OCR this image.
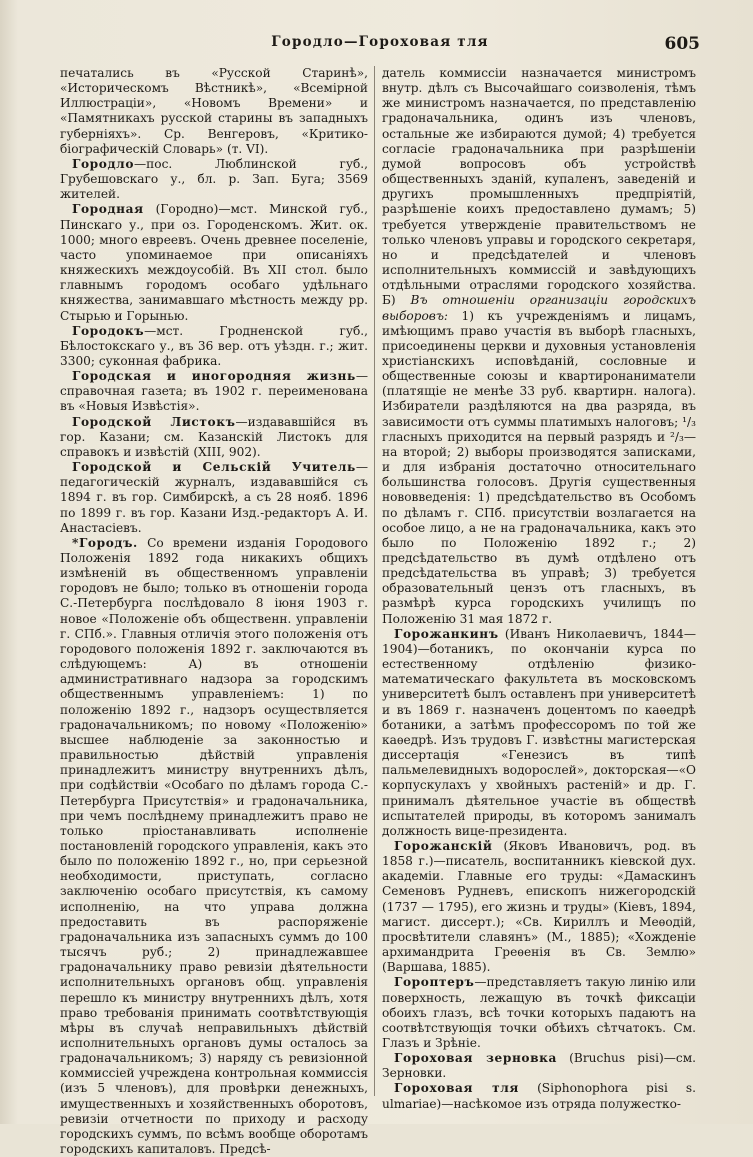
Городло—Гороховая тля	605

печатались въ «Русской Старинѣ», «Историческомъ Вѣстникѣ», «Всемірной Иллюстраціи», «Новомъ Времени» и «Памятникахъ русской старины въ западныхъ губерніяхъ». Ср. Венгеровъ, «Критико-біографическій Словарь» (т. VI).

Городло—пос. Люблинской губ., Грубешовскаго у., бл. р. Зап. Буга; 3569 жителей.

Городная (Городно)—мст. Минской губ., Пинскаго у., при оз. Городенскомъ. Жит. ок. 1000; много евреевъ. Очень древнее поселеніе, часто упоминаемое при описаніяхъ княжескихъ междоусобій. Въ XII стол. было главнымъ городомъ особаго удѣльнаго княжества, занимавшаго мѣстность между рр. Стырью и Горынью.

Городокъ—мст. Гродненской губ., Бѣлостокскаго у., въ 36 вер. отъ уѣздн. г.; жит. 3300; суконная фабрика.

Городская и иногородняя жизнь—справочная газета; въ 1902 г. переименована въ «Новыя Извѣстія».

Городской Листокъ—издававшійся въ гор. Казани; см. Казанскій Листокъ для справокъ и извѣстій (XIII, 902).

Городской и Сельскій Учитель—педагогическій журналъ, издававшійся съ 1894 г. въ гор. Симбирскѣ, а съ 28 нояб. 1896 по 1899 г. въ гор. Казани Изд.-редакторъ А. И. Анастасіевъ.

*Городъ. Со времени изданія Городового Положенія 1892 года никакихъ общихъ измѣненій въ общественномъ управленіи городовъ не было; только въ отношеніи города С.-Петербурга послѣдовало 8 іюня 1903 г. новое «Положеніе объ общественн. управленіи г. СПб.». Главныя отличія этого положенія отъ городового положенія 1892 г. заключаются въ слѣдующемъ: А) въ отношеніи административнаго надзора за городскимъ общественнымъ управленіемъ: 1) по положенію 1892 г., надзоръ осуществляется градоначальникомъ; по новому «Положенію» высшее наблюденіе за законностью и правильностью дѣйствій управленія принадлежитъ министру внутреннихъ дѣлъ, при содѣйствіи «Особаго по дѣламъ города С.-Петербурга Присутствія» и градоначальника, при чемъ послѣднему принадлежитъ право не только пріостанавливать исполненіе постановленій городского управленія, какъ это было по положенію 1892 г., но, при серьезной необходимости, приступать, согласно заключенію особаго присутствія, къ самому исполненію, на что управа должна предоставить въ распоряженіе градоначальника изъ запасныхъ суммъ до 100 тысячъ руб.; 2) принадлежавшее градоначальнику право ревизіи дѣятельности исполнительныхъ органовъ общ. управленія перешло къ министру внутреннихъ дѣлъ, хотя право требованія принимать соотвѣтствующія мѣры въ случаѣ неправильныхъ дѣйствій исполнительныхъ органовъ думы осталось за градоначальникомъ; 3) наряду съ ревизіонной коммиссіей учреждена контрольная коммиссія (изъ 5 членовъ), для провѣрки денежныхъ, имущественныхъ и хозяйственныхъ оборотовъ, ревизіи отчетности по приходу и расходу городскихъ суммъ, по всѣмъ вообще оборотамъ городскихъ капиталовъ. Предсѣ-

датель коммиссіи назначается министромъ внутр. дѣлъ съ Высочайшаго соизволенія, тѣмъ же министромъ назначается, по представленію градоначальника, одинъ изъ членовъ, остальные же избираются думой; 4) требуется согласіе градоначальника при разрѣшеніи думой вопросовъ объ устройствѣ общественныхъ зданій, купаленъ, заведеній и другихъ промышленныхъ предпріятій, разрѣшеніе коихъ предоставлено думамъ; 5) требуется утвержденіе правительствомъ не только членовъ управы и городского секретаря, но и предсѣдателей и членовъ исполнительныхъ коммиссій и завѣдующихъ отдѣльными отраслями городского хозяйства. Б) Въ отношеніи организаціи городскихъ выборовъ: 1) къ учрежденіямъ и лицамъ, имѣющимъ право участія въ выборѣ гласныхъ, присоединены церкви и духовныя установленія христіанскихъ исповѣданій, сословные и общественные союзы и квартиронаниматели (платящіе не менѣе 33 руб. квартирн. налога). Избиратели раздѣляются на два разряда, въ зависимости отъ суммы платимыхъ налоговъ; ¹/₃ гласныхъ приходится на первый разрядъ и ²/₃—на второй; 2) выборы производятся записками, и для избранія достаточно относительнаго большинства голосовъ. Другія существенныя нововведенія: 1) предсѣдательство въ Особомъ по дѣламъ г. СПб. присутствіи возлагается на особое лицо, а не на градоначальника, какъ это было по Положенію 1892 г.; 2) предсѣдательство въ думѣ отдѣлено отъ предсѣдательства въ управѣ; 3) требуется образовательный цензъ отъ гласныхъ, въ размѣрѣ курса городскихъ училищъ по Положенію 31 мая 1872 г.

Горожанкинъ (Иванъ Николаевичъ, 1844—1904)—ботаникъ, по окончаніи курса по естественному отдѣленію физико-математическаго факультета въ московскомъ университетѣ былъ оставленъ при университетѣ и въ 1869 г. назначенъ доцентомъ по каѳедрѣ ботаники, а затѣмъ профессоромъ по той же каѳедрѣ. Изъ трудовъ Г. извѣстны магистерская диссертація «Генезисъ въ типѣ пальмелевидныхъ водорослей», докторская—«О корпускулахъ у хвойныхъ растеній» и др. Г. принималъ дѣятельное участіе въ обществѣ испытателей природы, въ которомъ занималъ должность вице-президента.

Горожанскій (Яковъ Ивановичъ, род. въ 1858 г.)—писатель, воспитанникъ кіевской дух. академіи. Главные его труды: «Дамаскинъ Семеновъ Рудневъ, епископъ нижегородскій (1737 — 1795), его жизнь и труды» (Кіевъ, 1894, магист. диссерт.); «Св. Кириллъ и Меѳодій, просвѣтители славянъ» (М., 1885); «Хожденіе архимандрита Греѳенія въ Св. Землю» (Варшава, 1885).

Гороптеръ—представляетъ такую линію или поверхность, лежащую въ точкѣ фиксаціи обоихъ глазъ, всѣ точки которыхъ падаютъ на соотвѣтствующія точки обѣихъ сѣтчатокъ. См. Глазъ и Зрѣніе.

Гороховая зерновка (Bruchus pisi)—см. Зерновки.

Гороховая тля (Siphonophora pisi s. ulmariae)—насѣкомое изъ отряда полужестко-
